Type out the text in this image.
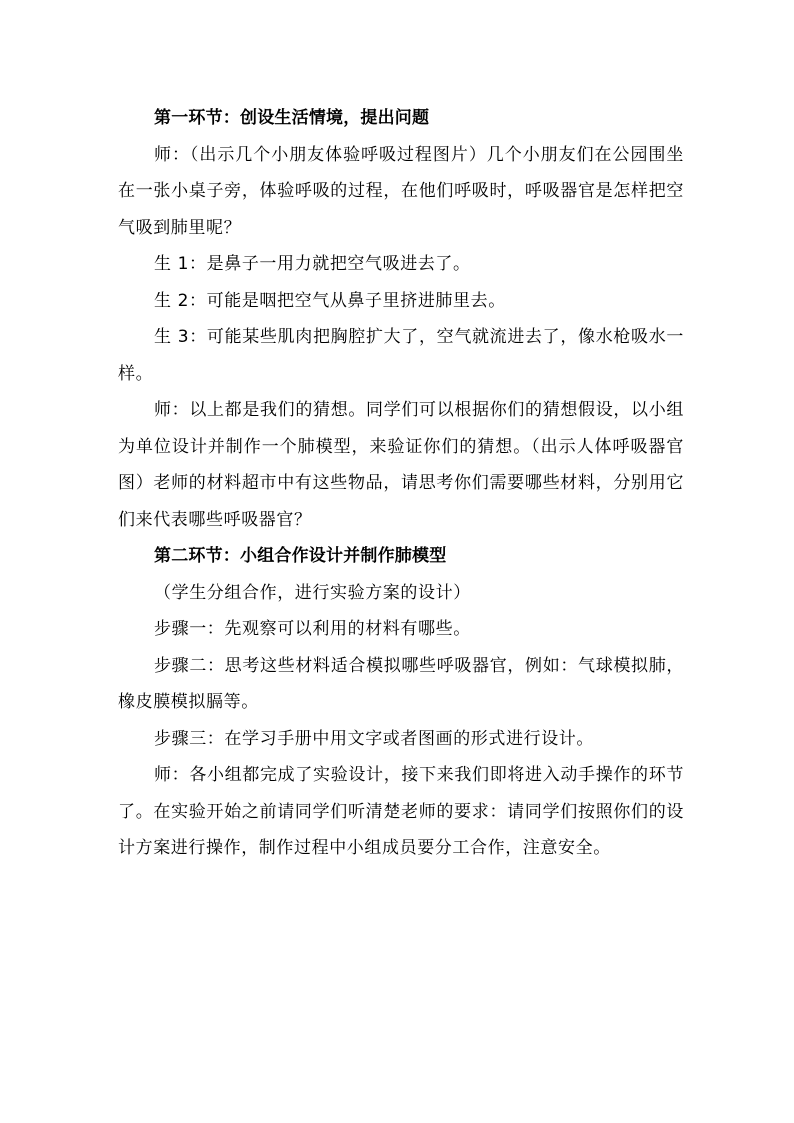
第一环节：创设生活情境，提出问题

师：（出示几个小朋友体验呼吸过程图片）几个小朋友们在公园围坐在一张小桌子旁，体验呼吸的过程，在他们呼吸时，呼吸器官是怎样把空气吸到肺里呢？

生 1：是鼻子一用力就把空气吸进去了。

生 2：可能是咽把空气从鼻子里挤进肺里去。

生 3：可能某些肌肉把胸腔扩大了，空气就流进去了，像水枪吸水一样。

师：以上都是我们的猜想。同学们可以根据你们的猜想假设，以小组为单位设计并制作一个肺模型，来验证你们的猜想。（出示人体呼吸器官图）老师的材料超市中有这些物品，请思考你们需要哪些材料，分别用它们来代表哪些呼吸器官？

第二环节：小组合作设计并制作肺模型

（学生分组合作，进行实验方案的设计）

步骤一：先观察可以利用的材料有哪些。

步骤二：思考这些材料适合模拟哪些呼吸器官，例如：气球模拟肺，橡皮膜模拟膈等。

步骤三：在学习手册中用文字或者图画的形式进行设计。

师：各小组都完成了实验设计，接下来我们即将进入动手操作的环节了。在实验开始之前请同学们听清楚老师的要求：请同学们按照你们的设计方案进行操作，制作过程中小组成员要分工合作，注意安全。
